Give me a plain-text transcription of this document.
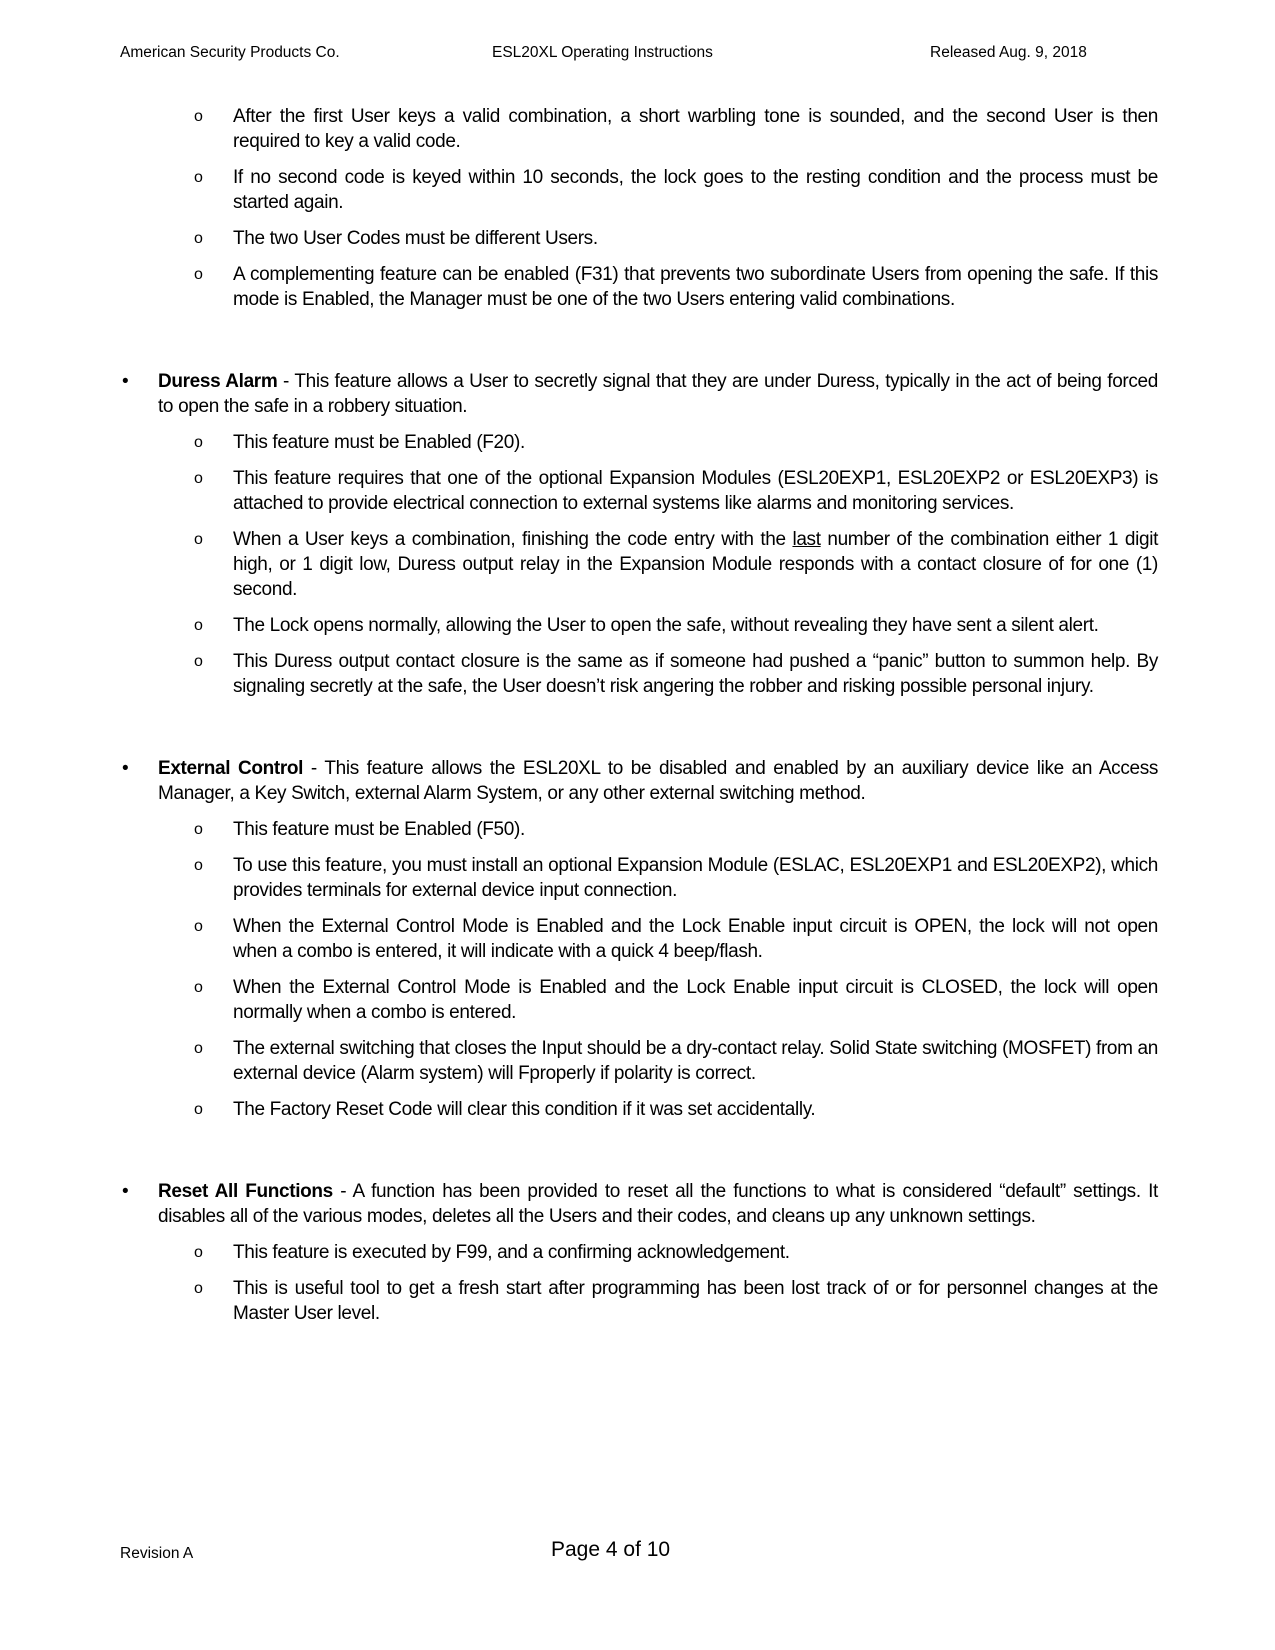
American Security Products Co.	ESL20XL Operating Instructions	Released Aug. 9, 2018
o After the first User keys a valid combination, a short warbling tone is sounded, and the second User is then required to key a valid code.
o If no second code is keyed within 10 seconds, the lock goes to the resting condition and the process must be started again.
o The two User Codes must be different Users.
o A complementing feature can be enabled (F31) that prevents two subordinate Users from opening the safe. If this mode is Enabled, the Manager must be one of the two Users entering valid combinations.
• Duress Alarm - This feature allows a User to secretly signal that they are under Duress, typically in the act of being forced to open the safe in a robbery situation.
o This feature must be Enabled (F20).
o This feature requires that one of the optional Expansion Modules (ESL20EXP1, ESL20EXP2 or ESL20EXP3) is attached to provide electrical connection to external systems like alarms and monitoring services.
o When a User keys a combination, finishing the code entry with the last number of the combination either 1 digit high, or 1 digit low, Duress output relay in the Expansion Module responds with a contact closure of for one (1) second.
o The Lock opens normally, allowing the User to open the safe, without revealing they have sent a silent alert.
o This Duress output contact closure is the same as if someone had pushed a “panic” button to summon help. By signaling secretly at the safe, the User doesn’t risk angering the robber and risking possible personal injury.
• External Control - This feature allows the ESL20XL to be disabled and enabled by an auxiliary device like an Access Manager, a Key Switch, external Alarm System, or any other external switching method.
o This feature must be Enabled (F50).
o To use this feature, you must install an optional Expansion Module (ESLAC, ESL20EXP1 and ESL20EXP2), which provides terminals for external device input connection.
o When the External Control Mode is Enabled and the Lock Enable input circuit is OPEN, the lock will not open when a combo is entered, it will indicate with a quick 4 beep/flash.
o When the External Control Mode is Enabled and the Lock Enable input circuit is CLOSED, the lock will open normally when a combo is entered.
o The external switching that closes the Input should be a dry-contact relay. Solid State switching (MOSFET) from an external device (Alarm system) will Fproperly if polarity is correct.
o The Factory Reset Code will clear this condition if it was set accidentally.
• Reset All Functions - A function has been provided to reset all the functions to what is considered “default” settings. It disables all of the various modes, deletes all the Users and their codes, and cleans up any unknown settings.
o This feature is executed by F99, and a confirming acknowledgement.
o This is useful tool to get a fresh start after programming has been lost track of or for personnel changes at the Master User level.
Revision A	Page 4 of 10
